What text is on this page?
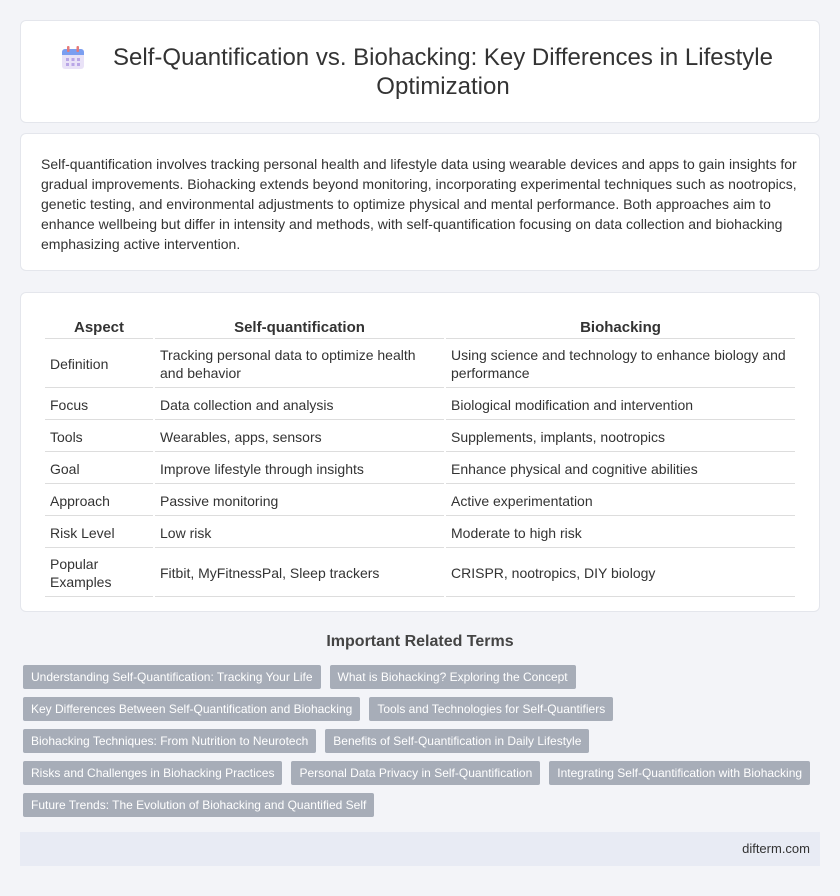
Self-Quantification vs. Biohacking: Key Differences in Lifestyle Optimization

Self-quantification involves tracking personal health and lifestyle data using wearable devices and apps to gain insights for gradual improvements. Biohacking extends beyond monitoring, incorporating experimental techniques such as nootropics, genetic testing, and environmental adjustments to optimize physical and mental performance. Both approaches aim to enhance wellbeing but differ in intensity and methods, with self-quantification focusing on data collection and biohacking emphasizing active intervention.

Aspect	Self-quantification	Biohacking
Definition	Tracking personal data to optimize health and behavior	Using science and technology to enhance biology and performance
Focus	Data collection and analysis	Biological modification and intervention
Tools	Wearables, apps, sensors	Supplements, implants, nootropics
Goal	Improve lifestyle through insights	Enhance physical and cognitive abilities
Approach	Passive monitoring	Active experimentation
Risk Level	Low risk	Moderate to high risk
Popular Examples	Fitbit, MyFitnessPal, Sleep trackers	CRISPR, nootropics, DIY biology
Important Related Terms
Understanding Self-Quantification: Tracking Your Life	What is Biohacking? Exploring the Concept
Key Differences Between Self-Quantification and Biohacking	Tools and Technologies for Self-Quantifiers
Biohacking Techniques: From Nutrition to Neurotech	Benefits of Self-Quantification in Daily Lifestyle
Risks and Challenges in Biohacking Practices	Personal Data Privacy in Self-Quantification	Integrating Self-Quantification with Biohacking
Future Trends: The Evolution of Biohacking and Quantified Self
difterm.com
